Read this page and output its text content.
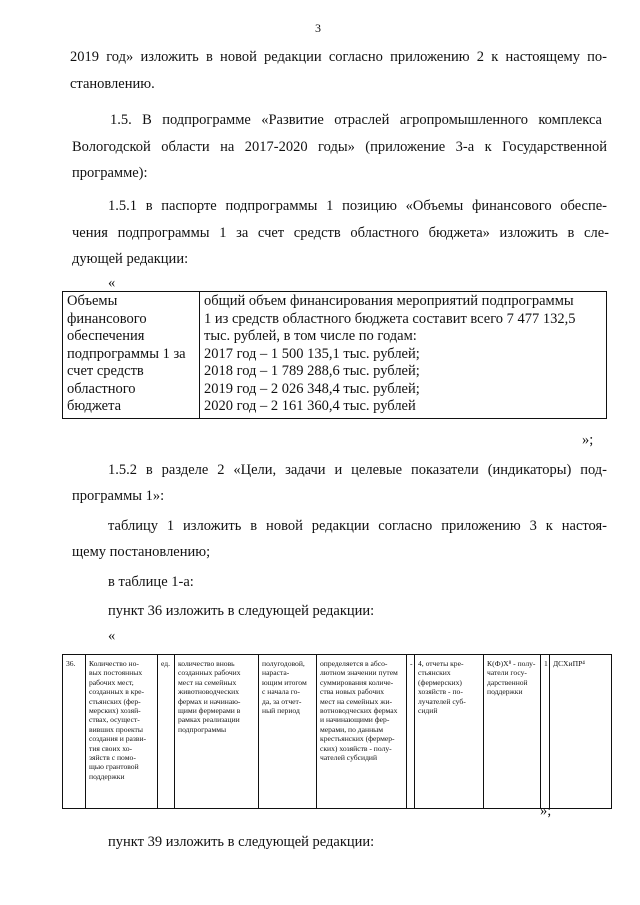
3
2019 год» изложить в новой редакции согласно приложению 2 к настоящему по-
становлению.
1.5. В подпрограмме «Развитие отраслей агропромышленного комплекса
Вологодской области на 2017-2020 годы» (приложение 3-а к Государственной
программе):
1.5.1 в паспорте подпрограммы 1 позицию «Объемы финансового обеспе-
чения подпрограммы 1 за счет средств областного бюджета» изложить в сле-
дующей редакции:
«
Объемы
финансового
обеспечения
подпрограммы 1 за
счет средств
областного
бюджета

общий объем финансирования мероприятий подпрограммы
1 из средств областного бюджета составит всего 7 477 132,5
тыс. рублей, в том числе по годам:
2017 год – 1 500 135,1 тыс. рублей;
2018 год – 1 789 288,6 тыс. рублей;
2019 год – 2 026 348,4 тыс. рублей;
2020 год – 2 161 360,4 тыс. рублей
»;
1.5.2 в разделе 2 «Цели, задачи и целевые показатели (индикаторы) под-
программы 1»:
таблицу 1 изложить в новой редакции согласно приложению 3 к настоя-
щему постановлению;
в таблице 1-а:
пункт 36 изложить в следующей редакции:
«
36.	Количество но-
вых постоянных
рабочих мест,
созданных в кре-
стьянских (фер-
мерских) хозяй-
ствах, осущест-
вивших проекты
создания и разви-
тия своих хо-
зяйств с помо-
щью грантовой
поддержки	ед.	количество вновь
созданных рабочих
мест на семейных
животноводческих
фермах и начинаю-
щими фермерами в
рамках реализации
подпрограммы	полугодовой,
нараста-
ющим итогом
с начала го-
да, за отчет-
ный период	определяется в абсо-
лютном значении путем
суммирования количе-
ства новых рабочих
мест на семейных жи-
вотноводческих фермах
и начинающими фер-
мерами, по данным
крестьянских (фермер-
ских) хозяйств - полу-
чателей субсидий	-	4, отчеты кре-
стьянских
(фермерских)
хозяйств - по-
лучателей суб-
сидий	К(Ф)Х⁸ - полу-
чатели госу-
дарственной
поддержки	1	ДСХиПР⁴
»;
пункт 39 изложить в следующей редакции:
